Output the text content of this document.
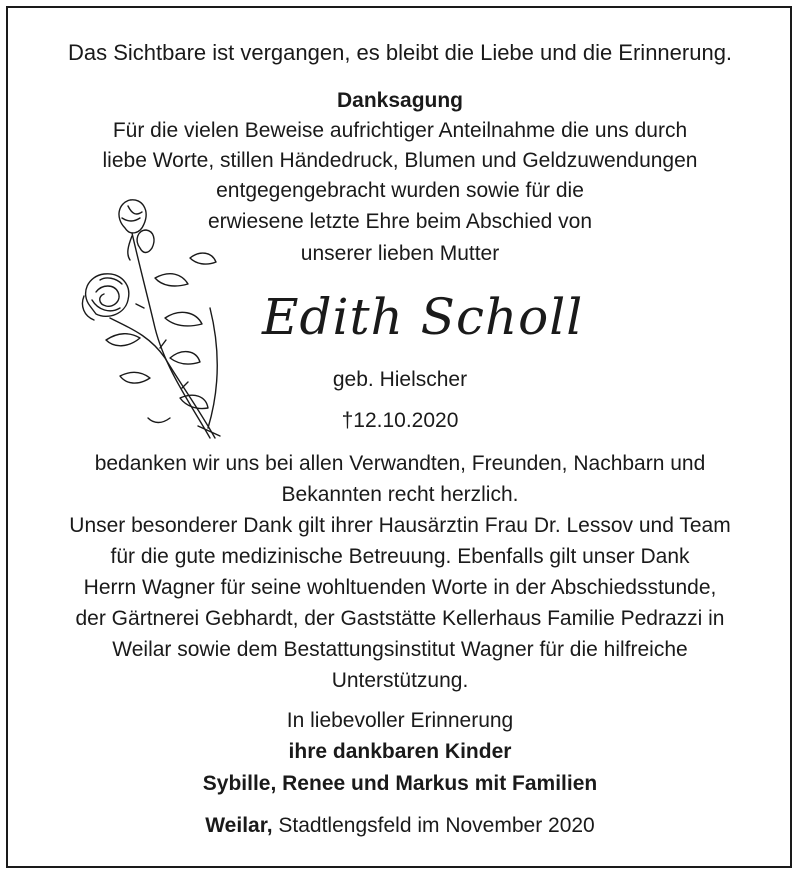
Das Sichtbare ist vergangen, es bleibt die Liebe und die Erinnerung.
Danksagung
Für die vielen Beweise aufrichtiger Anteilnahme die uns durch
liebe Worte, stillen Händedruck, Blumen und Geldzuwendungen
entgegengebracht wurden sowie für die
erwiesene letzte Ehre beim Abschied von
unserer lieben Mutter
Edith Scholl
geb. Hielscher
†12.10.2020
bedanken wir uns bei allen Verwandten, Freunden, Nachbarn und
Bekannten recht herzlich.
Unser besonderer Dank gilt ihrer Hausärztin Frau Dr. Lessov und Team
für die gute medizinische Betreuung. Ebenfalls gilt unser Dank
Herrn Wagner für seine wohltuenden Worte in der Abschiedsstunde,
der Gärtnerei Gebhardt, der Gaststätte Kellerhaus Familie Pedrazzi in
Weilar sowie dem Bestattungsinstitut Wagner für die hilfreiche
Unterstützung.
In liebevoller Erinnerung
ihre dankbaren Kinder
Sybille, Renee und Markus mit Familien
Weilar, Stadtlengsfeld im November 2020
